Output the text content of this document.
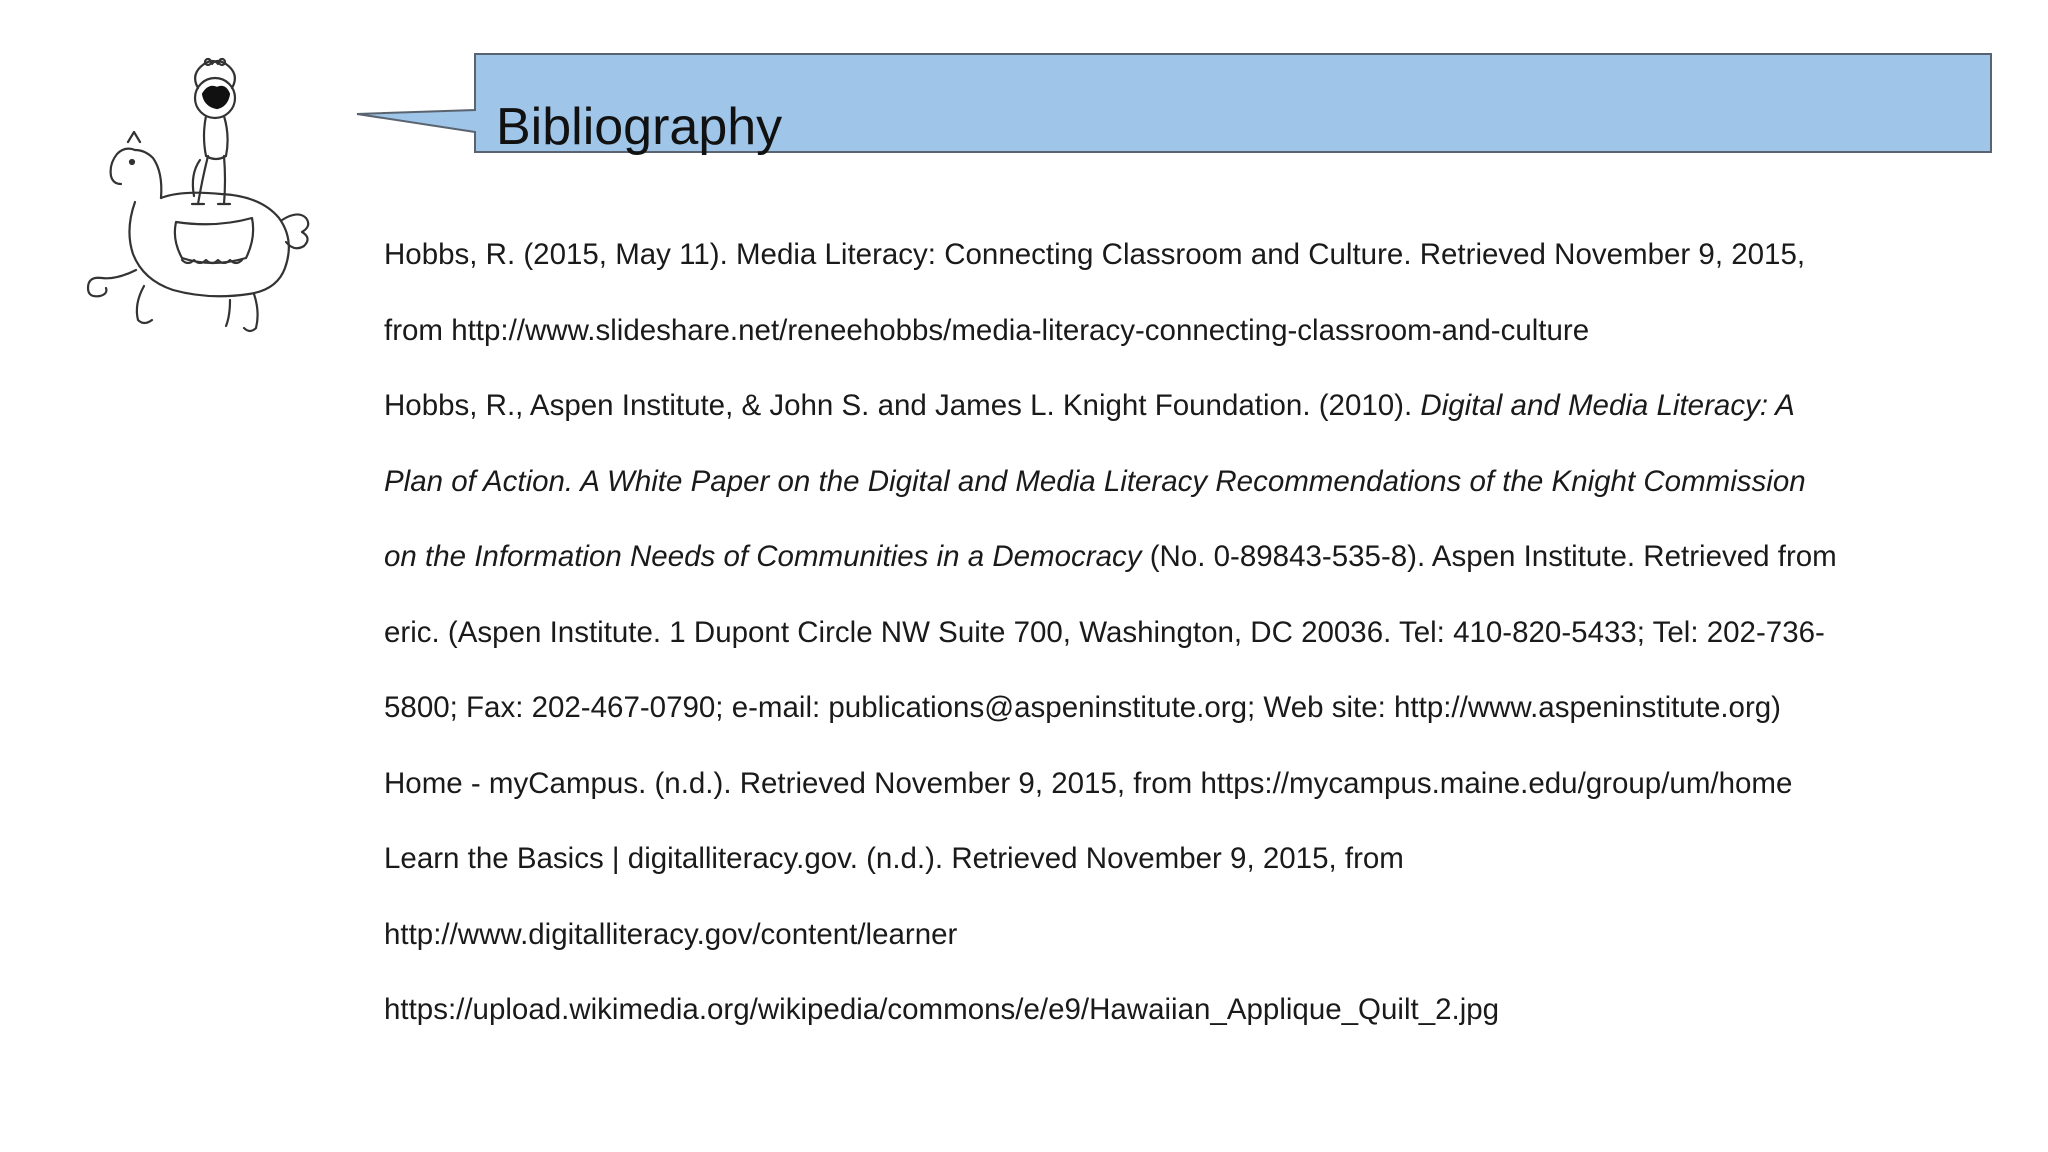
Bibliography
Hobbs, R. (2015, May 11). Media Literacy: Connecting Classroom and Culture. Retrieved November 9, 2015,
from http://www.slideshare.net/reneehobbs/media-literacy-connecting-classroom-and-culture
Hobbs, R., Aspen Institute, & John S. and James L. Knight Foundation. (2010). Digital and Media Literacy: A
Plan of Action. A White Paper on the Digital and Media Literacy Recommendations of the Knight Commission
on the Information Needs of Communities in a Democracy (No. 0-89843-535-8). Aspen Institute. Retrieved from
eric. (Aspen Institute. 1 Dupont Circle NW Suite 700, Washington, DC 20036. Tel: 410-820-5433; Tel: 202-736-
5800; Fax: 202-467-0790; e-mail: publications@aspeninstitute.org; Web site: http://www.aspeninstitute.org)
Home - myCampus. (n.d.). Retrieved November 9, 2015, from https://mycampus.maine.edu/group/um/home
Learn the Basics | digitalliteracy.gov. (n.d.). Retrieved November 9, 2015, from
http://www.digitalliteracy.gov/content/learner
https://upload.wikimedia.org/wikipedia/commons/e/e9/Hawaiian_Applique_Quilt_2.jpg
